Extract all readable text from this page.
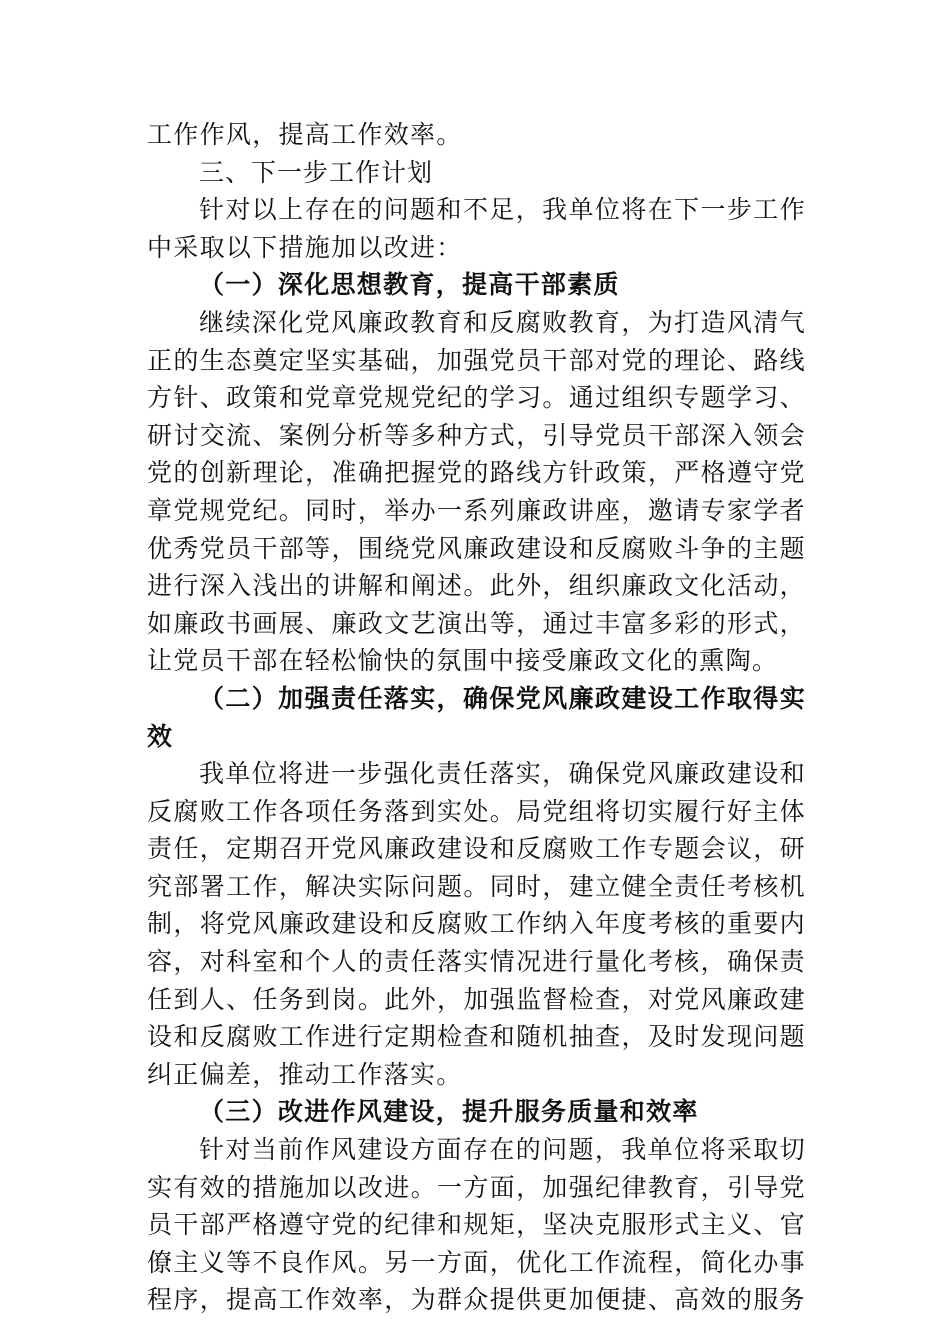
工作作风，提高工作效率。
三、下一步工作计划
针对以上存在的问题和不足，我单位将在下一步工作
中采取以下措施加以改进：
（一）深化思想教育，提高干部素质
继续深化党风廉政教育和反腐败教育，为打造风清气
正的生态奠定坚实基础，加强党员干部对党的理论、路线
方针、政策和党章党规党纪的学习。通过组织专题学习、
研讨交流、案例分析等多种方式，引导党员干部深入领会
党的创新理论，准确把握党的路线方针政策，严格遵守党
章党规党纪。同时，举办一系列廉政讲座，邀请专家学者
优秀党员干部等，围绕党风廉政建设和反腐败斗争的主题
进行深入浅出的讲解和阐述。此外，组织廉政文化活动，
如廉政书画展、廉政文艺演出等，通过丰富多彩的形式，
让党员干部在轻松愉快的氛围中接受廉政文化的熏陶。
（二）加强责任落实，确保党风廉政建设工作取得实
效
我单位将进一步强化责任落实，确保党风廉政建设和
反腐败工作各项任务落到实处。局党组将切实履行好主体
责任，定期召开党风廉政建设和反腐败工作专题会议，研
究部署工作，解决实际问题。同时，建立健全责任考核机
制，将党风廉政建设和反腐败工作纳入年度考核的重要内
容，对科室和个人的责任落实情况进行量化考核，确保责
任到人、任务到岗。此外，加强监督检查，对党风廉政建
设和反腐败工作进行定期检查和随机抽查，及时发现问题
纠正偏差，推动工作落实。
（三）改进作风建设，提升服务质量和效率
针对当前作风建设方面存在的问题，我单位将采取切
实有效的措施加以改进。一方面，加强纪律教育，引导党
员干部严格遵守党的纪律和规矩，坚决克服形式主义、官
僚主义等不良作风。另一方面，优化工作流程，简化办事
程序，提高工作效率，为群众提供更加便捷、高效的服务
